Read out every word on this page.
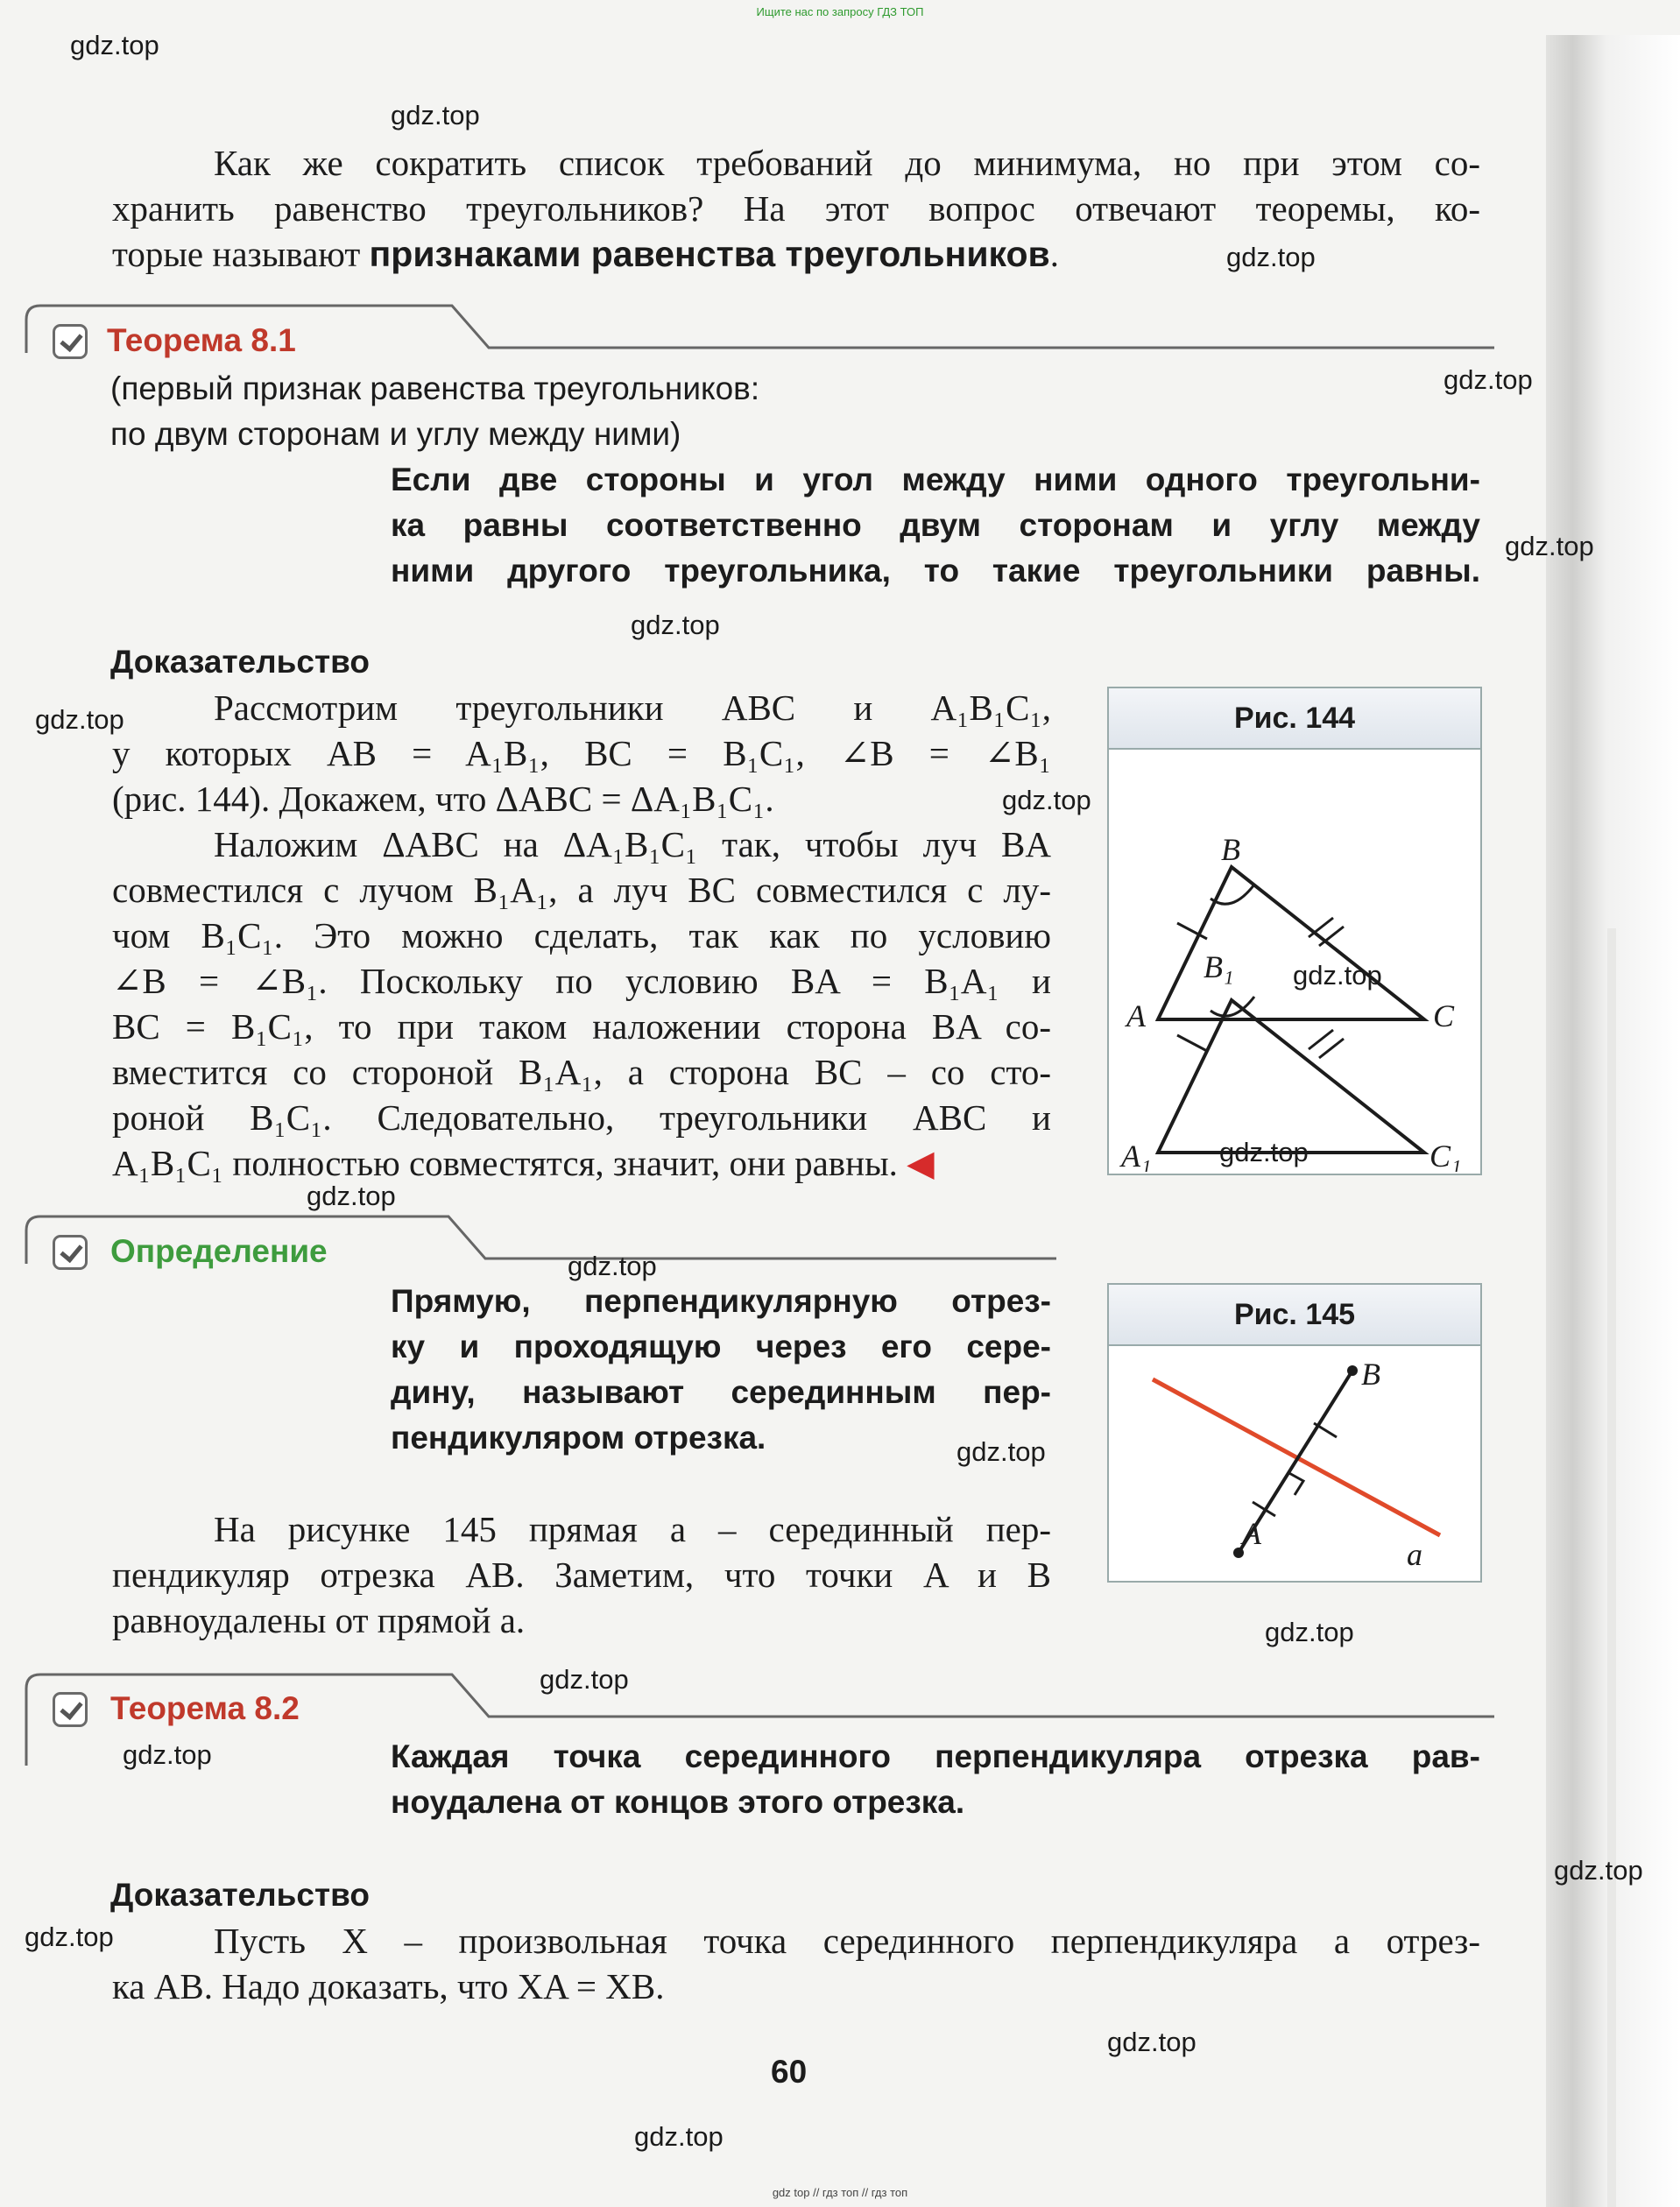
Ищите нас по запросу ГДЗ ТОП
Как же сократить список требований до минимума, но при этом со-
хранить равенство треугольников? На этот вопрос отвечают теоремы, ко-
торые называют признаками равенства треугольников.
Теорема 8.1
(первый признак равенства треугольников:
по двум сторонам и углу между ними)
Если две стороны и угол между ними одного треугольни-
ка равны соответственно двум сторонам и углу между
ними другого треугольника, то такие треугольники равны.
Доказательство
Рассмотрим треугольники ABC и A₁B₁C₁,
у которых AB = A₁B₁, BC = B₁C₁, ∠B = ∠B₁
(рис. 144). Докажем, что ΔABC = ΔA₁B₁C₁.
Наложим ΔABC на ΔA₁B₁C₁ так, чтобы луч BA
совместился с лучом B₁A₁, а луч BC совместился с лу-
чом B₁C₁. Это можно сделать, так как по условию
∠B = ∠B₁. Поскольку по условию BA = B₁A₁ и
BC = B₁C₁, то при таком наложении сторона BA со-
вместится со стороной B₁A₁, а сторона BC – со сто-
роной B₁C₁. Следовательно, треугольники ABC и
A₁B₁C₁ полностью совместятся, значит, они равны. ◀
Рис. 144
B
A	C
B₁
A₁	C₁
Определение
Прямую, перпендикулярную отрез-
ку и проходящую через его сере-
дину, называют серединным пер-
пендикуляром отрезка.
Рис. 145
B
A
a
На рисунке 145 прямая a – серединный пер-
пендикуляр отрезка AB. Заметим, что точки A и B
равноудалены от прямой a.
Теорема 8.2
Каждая точка серединного перпендикуляра отрезка рав-
ноудалена от концов этого отрезка.
Доказательство
Пусть X – произвольная точка серединного перпендикуляра a отрез-
ка AB. Надо доказать, что XA = XB.
60
gdz.top
gdz.top
gdz.top
gdz.top
gdz.top
gdz.top
gdz.top
gdz.top
gdz.top
gdz.top
gdz.top
gdz.top
gdz.top
gdz.top
gdz.top
gdz.top
gdz.top
gdz.top
gdz.top
gdz.top
gdz top // гдз топ // гдз топ
